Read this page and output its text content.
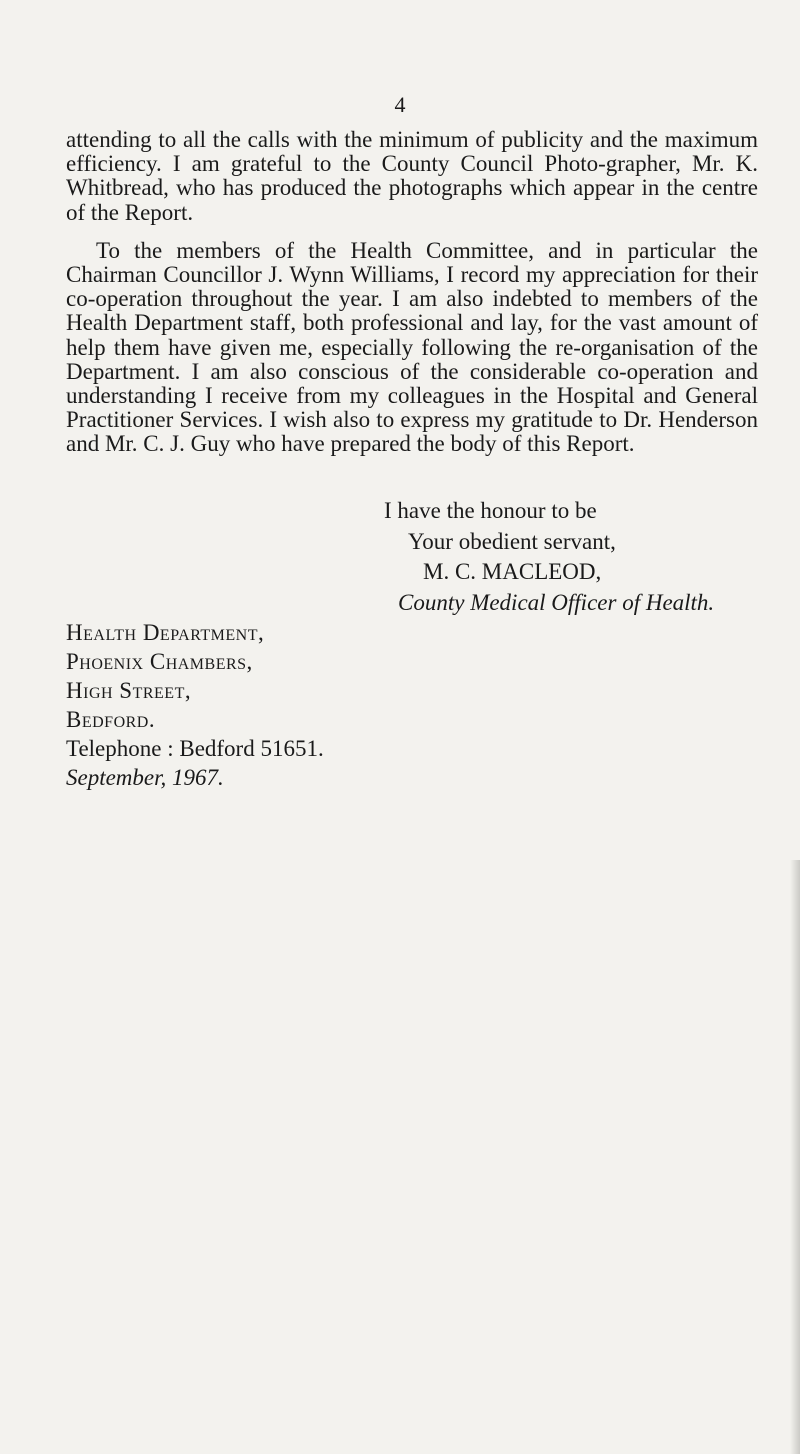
4

attending to all the calls with the minimum of publicity and the maximum efficiency. I am grateful to the County Council Photo-grapher, Mr. K. Whitbread, who has produced the photographs which appear in the centre of the Report.

To the members of the Health Committee, and in particular the Chairman Councillor J. Wynn Williams, I record my appreciation for their co-operation throughout the year. I am also indebted to members of the Health Department staff, both professional and lay, for the vast amount of help them have given me, especially following the re-organisation of the Department. I am also conscious of the considerable co-operation and understanding I receive from my colleagues in the Hospital and General Practitioner Services. I wish also to express my gratitude to Dr. Henderson and Mr. C. J. Guy who have prepared the body of this Report.

I have the honour to be
Your obedient servant,
M. C. MACLEOD,
County Medical Officer of Health.
Health Department,
Phoenix Chambers,
High Street,
Bedford.
Telephone : Bedford 51651.
September, 1967.
